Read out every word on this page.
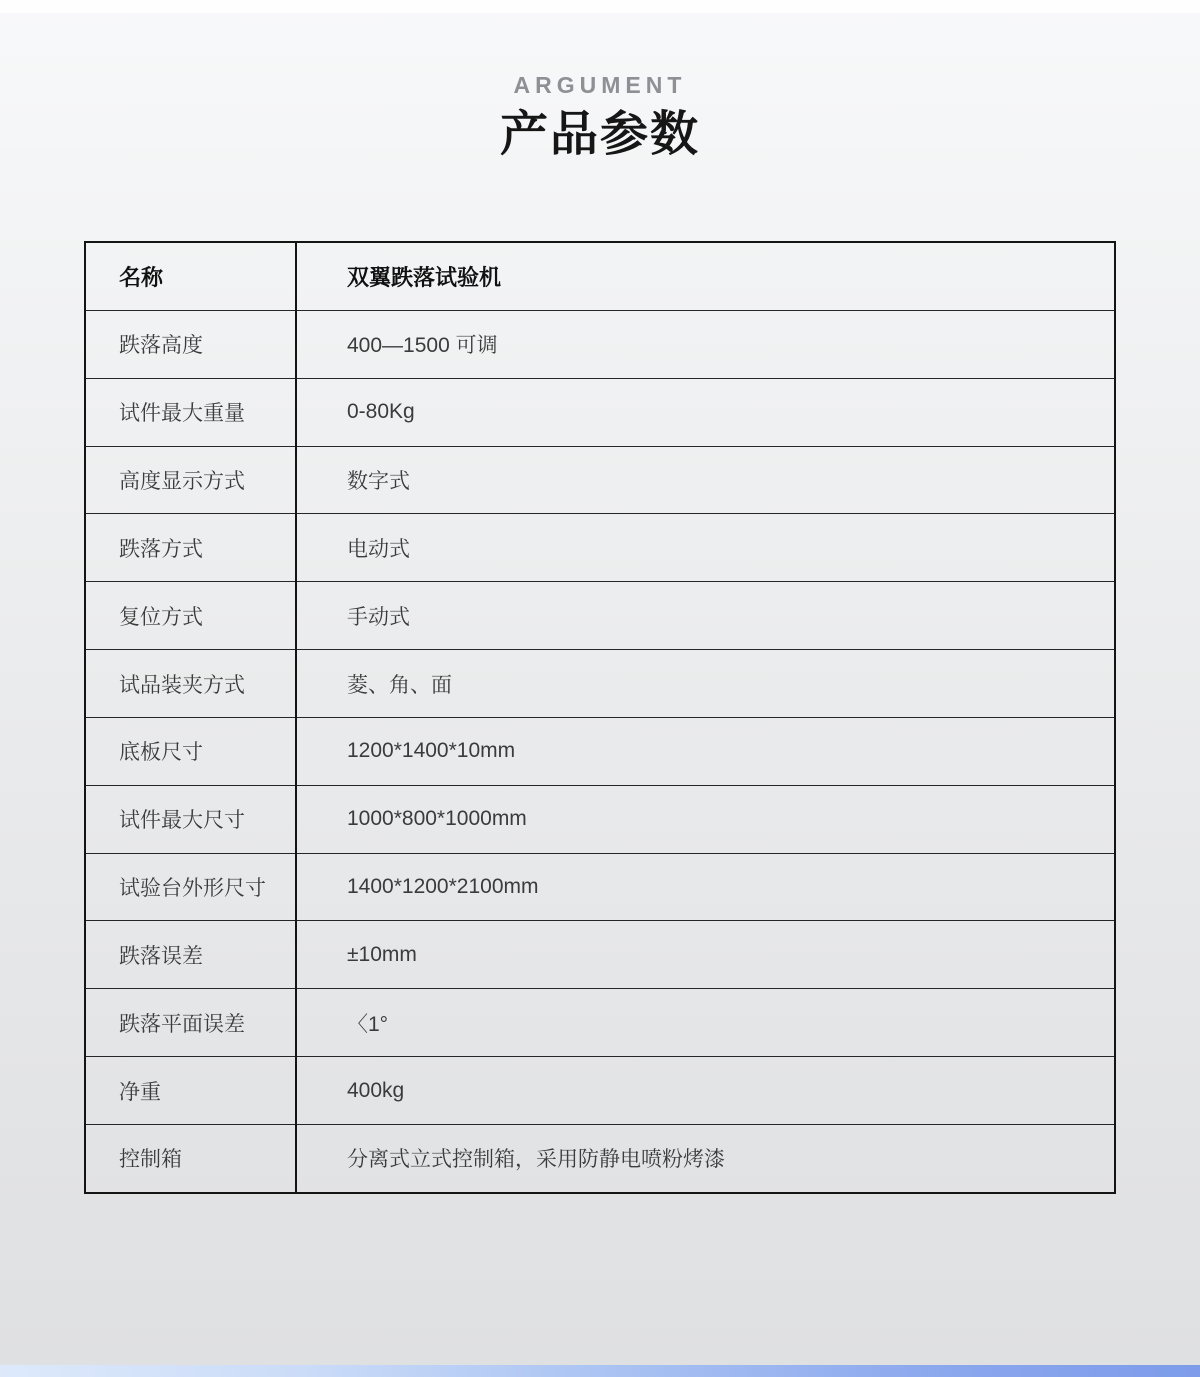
ARGUMENT
产品参数
名称	双翼跌落试验机
跌落高度	400—1500 可调
试件最大重量	0-80Kg
高度显示方式	数字式
跌落方式	电动式
复位方式	手动式
试品装夹方式	菱、角、面
底板尺寸	1200*1400*10mm
试件最大尺寸	1000*800*1000mm
试验台外形尺寸	1400*1200*2100mm
跌落误差	±10mm
跌落平面误差	〈1°
净重	400kg
控制箱	分离式立式控制箱，采用防静电喷粉烤漆
